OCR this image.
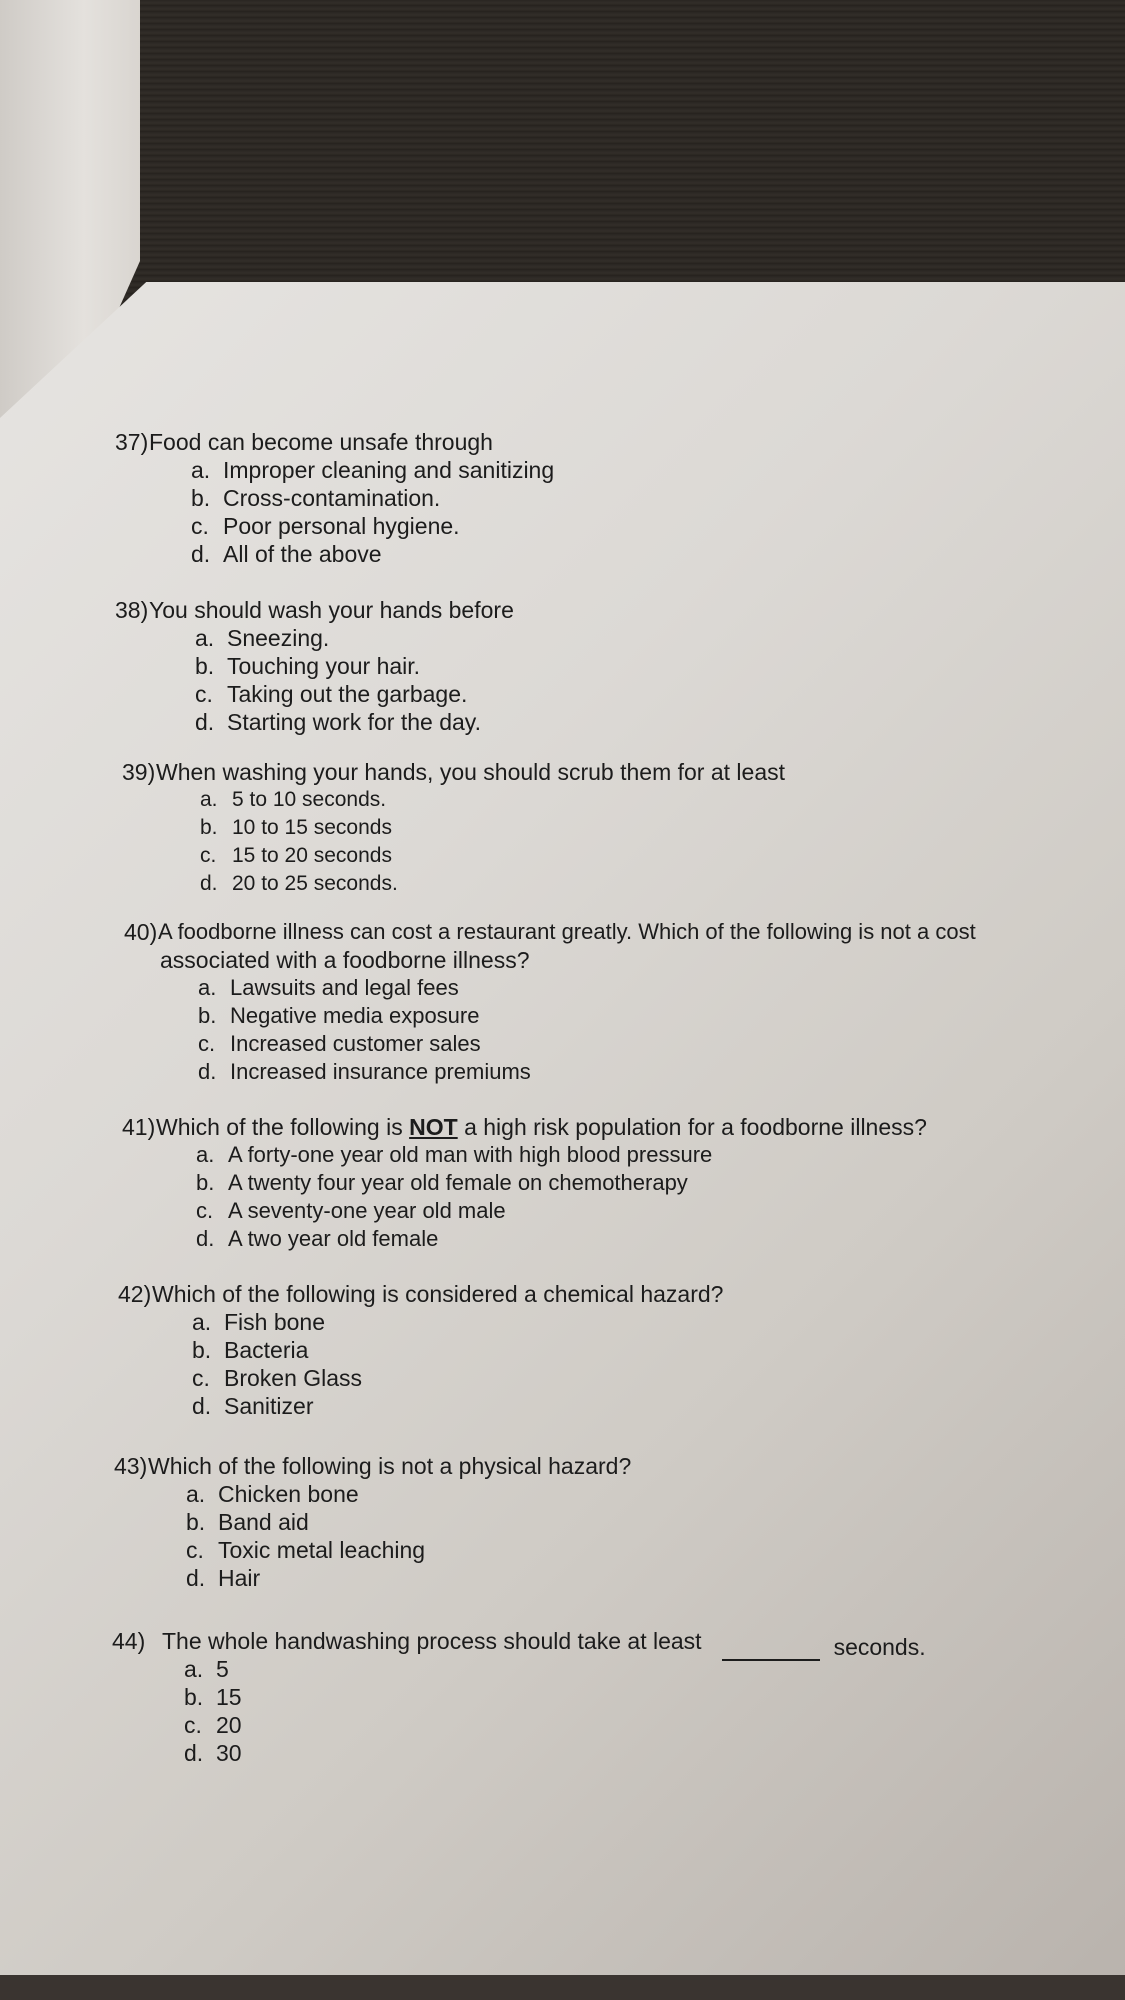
37) Food can become unsafe through
a. Improper cleaning and sanitizing
b. Cross-contamination.
c. Poor personal hygiene.
d. All of the above
38) You should wash your hands before
a. Sneezing.
b. Touching your hair.
c. Taking out the garbage.
d. Starting work for the day.
39) When washing your hands, you should scrub them for at least
a. 5 to 10 seconds.
b. 10 to 15 seconds
c. 15 to 20 seconds
d. 20 to 25 seconds.
40) A foodborne illness can cost a restaurant greatly. Which of the following is not a cost
associated with a foodborne illness?
a. Lawsuits and legal fees
b. Negative media exposure
c. Increased customer sales
d. Increased insurance premiums
41) Which of the following is NOT a high risk population for a foodborne illness?
a. A forty-one year old man with high blood pressure
b. A twenty four year old female on chemotherapy
c. A seventy-one year old male
d. A two year old female
42) Which of the following is considered a chemical hazard?
a. Fish bone
b. Bacteria
c. Broken Glass
d. Sanitizer
43) Which of the following is not a physical hazard?
a. Chicken bone
b. Band aid
c. Toxic metal leaching
d. Hair
44) The whole handwashing process should take at least	seconds.
a. 5
b. 15
c. 20
d. 30
